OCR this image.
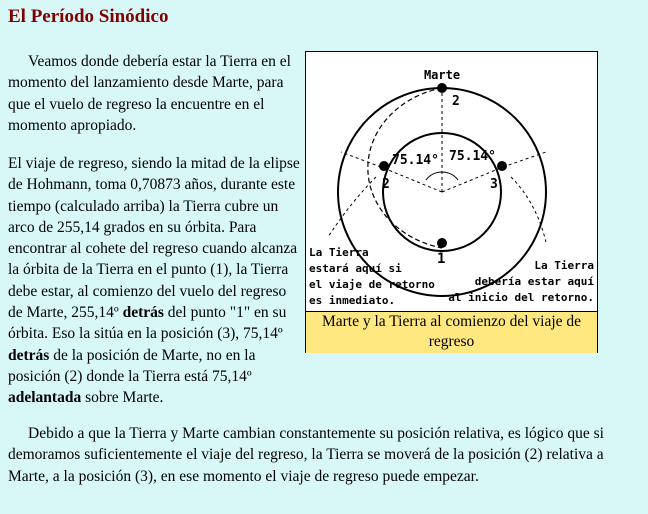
El Período Sinódico

Veamos donde debería estar la Tierra en el momento del lanzamiento desde Marte, para que el vuelo de regreso la encuentre en el momento apropiado.

El viaje de regreso, siendo la mitad de la elipse de Hohmann, toma 0,70873 años, durante este tiempo (calculado arriba) la Tierra cubre un arco de 255,14 grados en su órbita. Para encontrar al cohete del regreso cuando alcanza la órbita de la Tierra en el punto (1), la Tierra debe estar, al comienzo del vuelo del regreso de Marte, 255,14º detrás del punto "1" en su órbita. Eso la sitúa en la posición (3), 75,14º detrás de la posición de Marte, no en la posición (2) donde la Tierra está 75,14º adelantada sobre Marte.

Debido a que la Tierra y Marte cambian constantemente su posición relativa, es lógico que si demoramos suficientemente el viaje del regreso, la Tierra se moverá de la posición (2) relativa a Marte, a la posición (3), en ese momento el viaje de regreso puede empezar.

Marte
2
2	3
1
75.14° 75.14°
La Tierra
estará aquí si
el viaje de retorno
es inmediato.
La Tierra
debería estar aquí
al inicio del retorno.
Marte y la Tierra al comienzo del viaje de regreso
